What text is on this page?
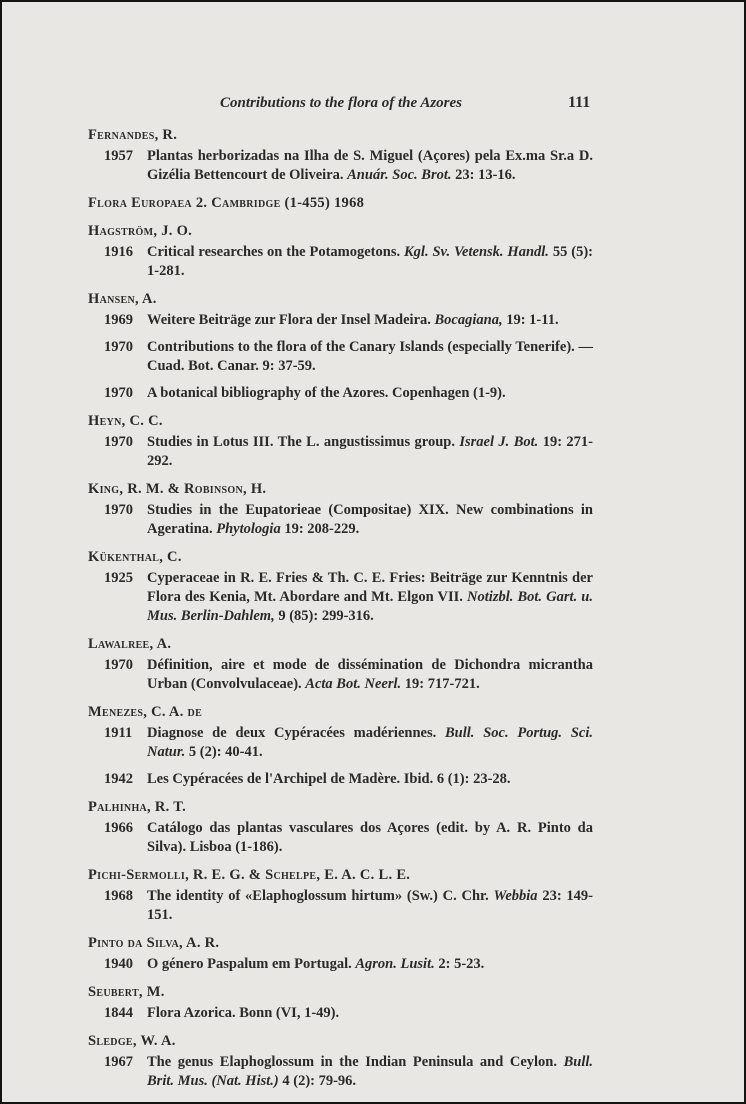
Contributions to the flora of the Azores	111
Fernandes, R.
1957 Plantas herborizadas na Ilha de S. Miguel (Açores) pela Ex.ma Sr.a D. Gizélia Bettencourt de Oliveira. Anuár. Soc. Brot. 23: 13-16.
Flora Europaea 2. Cambridge (1-455) 1968
Hagström, J. O.
1916 Critical researches on the Potamogetons. Kgl. Sv. Vetensk. Handl. 55 (5): 1-281.
Hansen, A.
1969 Weitere Beiträge zur Flora der Insel Madeira. Bocagiana, 19: 1-11.
1970 Contributions to the flora of the Canary Islands (especially Tenerife). — Cuad. Bot. Canar. 9: 37-59.
1970 A botanical bibliography of the Azores. Copenhagen (1-9).
Heyn, C. C.
1970 Studies in Lotus III. The L. angustissimus group. Israel J. Bot. 19: 271-292.
King, R. M. & Robinson, H.
1970 Studies in the Eupatorieae (Compositae) XIX. New combinations in Ageratina. Phytologia 19: 208-229.
Kükenthal, C.
1925 Cyperaceae in R. E. Fries & Th. C. E. Fries: Beiträge zur Kenntnis der Flora des Kenia, Mt. Abordare and Mt. Elgon VII. Notizbl. Bot. Gart. u. Mus. Berlin-Dahlem, 9 (85): 299-316.
Lawalree, A.
1970 Définition, aire et mode de dissémination de Dichondra micrantha Urban (Convolvulaceae). Acta Bot. Neerl. 19: 717-721.
Menezes, C. A. de
1911 Diagnose de deux Cypéracées madériennes. Bull. Soc. Portug. Sci. Natur. 5 (2): 40-41.
1942 Les Cypéracées de l'Archipel de Madère. Ibid. 6 (1): 23-28.
Palhinha, R. T.
1966 Catálogo das plantas vasculares dos Açores (edit. by A. R. Pinto da Silva). Lisboa (1-186).
Pichi-Sermolli, R. E. G. & Schelpe, E. A. C. L. E.
1968 The identity of «Elaphoglossum hirtum» (Sw.) C. Chr. Webbia 23: 149-151.
Pinto da Silva, A. R.
1940 O género Paspalum em Portugal. Agron. Lusit. 2: 5-23.
Seubert, M.
1844 Flora Azorica. Bonn (VI, 1-49).
Sledge, W. A.
1967 The genus Elaphoglossum in the Indian Peninsula and Ceylon. Bull. Brit. Mus. (Nat. Hist.) 4 (2): 79-96.
